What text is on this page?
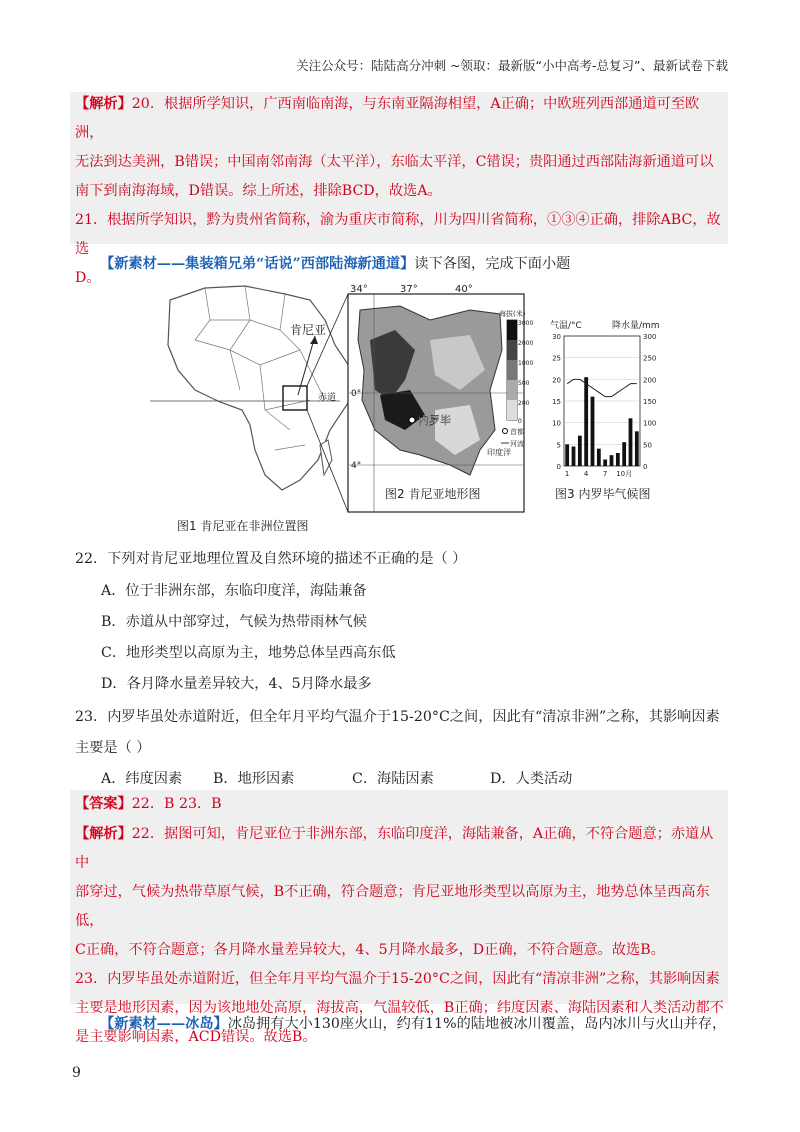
关注公众号：陆陆高分冲刺 ~领取：最新版“小中高考-总复习”、最新试卷下载
【解析】20．根据所学知识，广西南临南海，与东南亚隔海相望，A正确；中欧班列西部通道可至欧洲，
无法到达美洲，B错误；中国南邻南海（太平洋），东临太平洋，C错误；贵阳通过西部陆海新通道可以
南下到南海海域，D错误。综上所述，排除BCD，故选A。
21．根据所学知识，黔为贵州省简称，渝为重庆市简称，川为四川省简称，①③④正确，排除ABC，故选
D。
【新素材——集装箱兄弟“话说”西部陆海新通道】读下各图，完成下面小题
肯尼亚
赤道
34°	37°	40°
0°
4°
内罗毕
海拔(米)
3000
2000
1000
500
200
0
首都
河流
印度洋
气温/°C	降水量/mm
30
25
20
15
10
5
0
300
250
200
150
100
50
0
1 4 7 10月
图1 肯尼亚在非洲位置图
图2 肯尼亚地形图	图3 内罗毕气候图
22．下列对肯尼亚地理位置及自然环境的描述不正确的是（ ）
A．位于非洲东部，东临印度洋，海陆兼备
B．赤道从中部穿过，气候为热带雨林气候
C．地形类型以高原为主，地势总体呈西高东低
D．各月降水量差异较大，4、5月降水最多
23．内罗毕虽处赤道附近，但全年月平均气温介于15-20°C之间，因此有“清凉非洲”之称，其影响因素
主要是（ ）
A．纬度因素 B．地形因素	C．海陆因素	D．人类活动
【答案】22．B 23．B
【解析】22．据图可知，肯尼亚位于非洲东部，东临印度洋，海陆兼备，A正确，不符合题意；赤道从中
部穿过，气候为热带草原气候，B不正确，符合题意；肯尼亚地形类型以高原为主，地势总体呈西高东低，
C正确，不符合题意；各月降水量差异较大，4、5月降水最多，D正确，不符合题意。故选B。
23．内罗毕虽处赤道附近，但全年月平均气温介于15-20°C之间，因此有“清凉非洲”之称，其影响因素
主要是地形因素，因为该地地处高原，海拔高，气温较低，B正确；纬度因素、海陆因素和人类活动都不
是主要影响因素，ACD错误。故选B。
【新素材——冰岛】冰岛拥有大小130座火山，约有11%的陆地被冰川覆盖，岛内冰川与火山并存，
9
